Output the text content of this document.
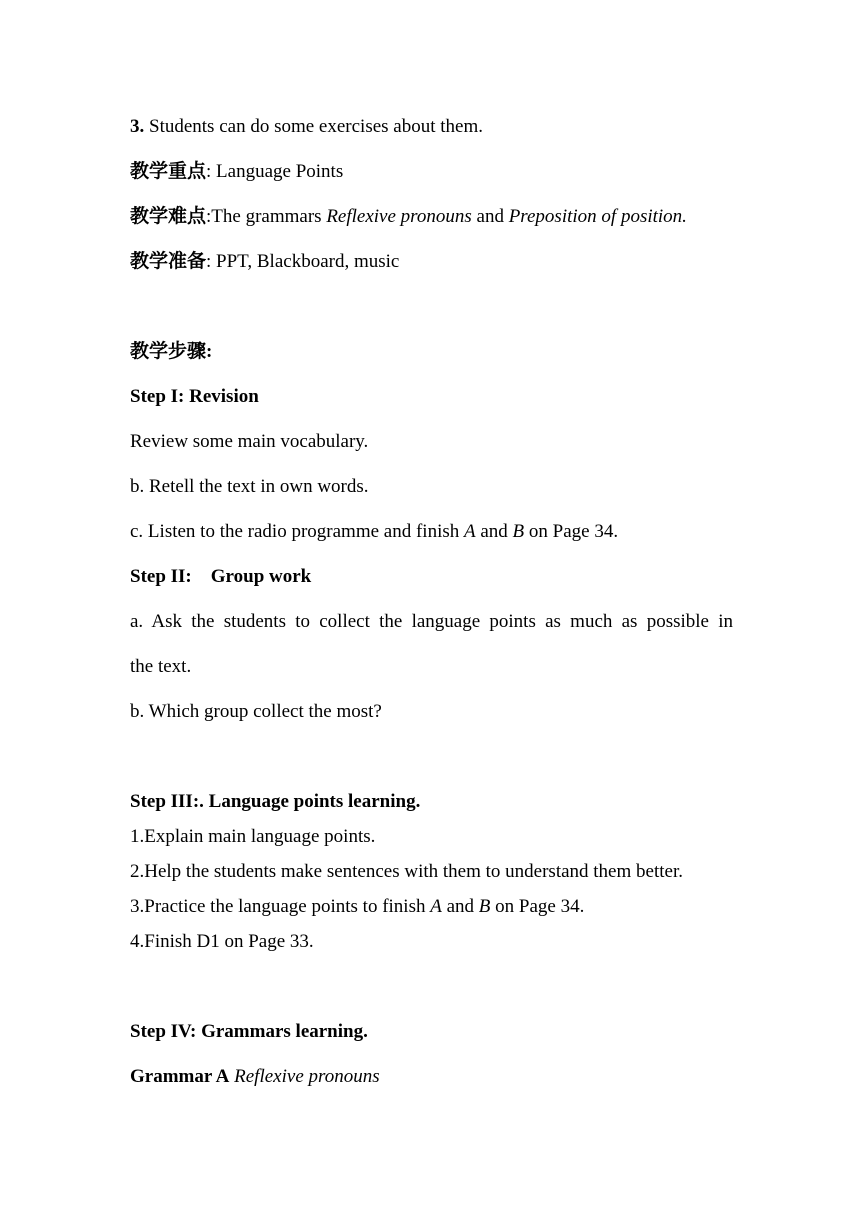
3. Students can do some exercises about them.
教学重点: Language Points
教学难点:The grammars Reflexive pronouns and Preposition of position.
教学准备: PPT, Blackboard, music
教学步骤:
Step I: Revision
Review some main vocabulary.
b. Retell the text in own words.
c. Listen to the radio programme and finish A and B on Page 34.
Step II:    Group work
a. Ask the students to collect the language points as much as possible in
the text.
b. Which group collect the most?
Step III:. Language points learning.
1.Explain main language points.
2.Help the students make sentences with them to understand them better.
3.Practice the language points to finish A and B on Page 34.
4.Finish D1 on Page 33.
Step IV: Grammars learning.
Grammar A Reflexive pronouns
